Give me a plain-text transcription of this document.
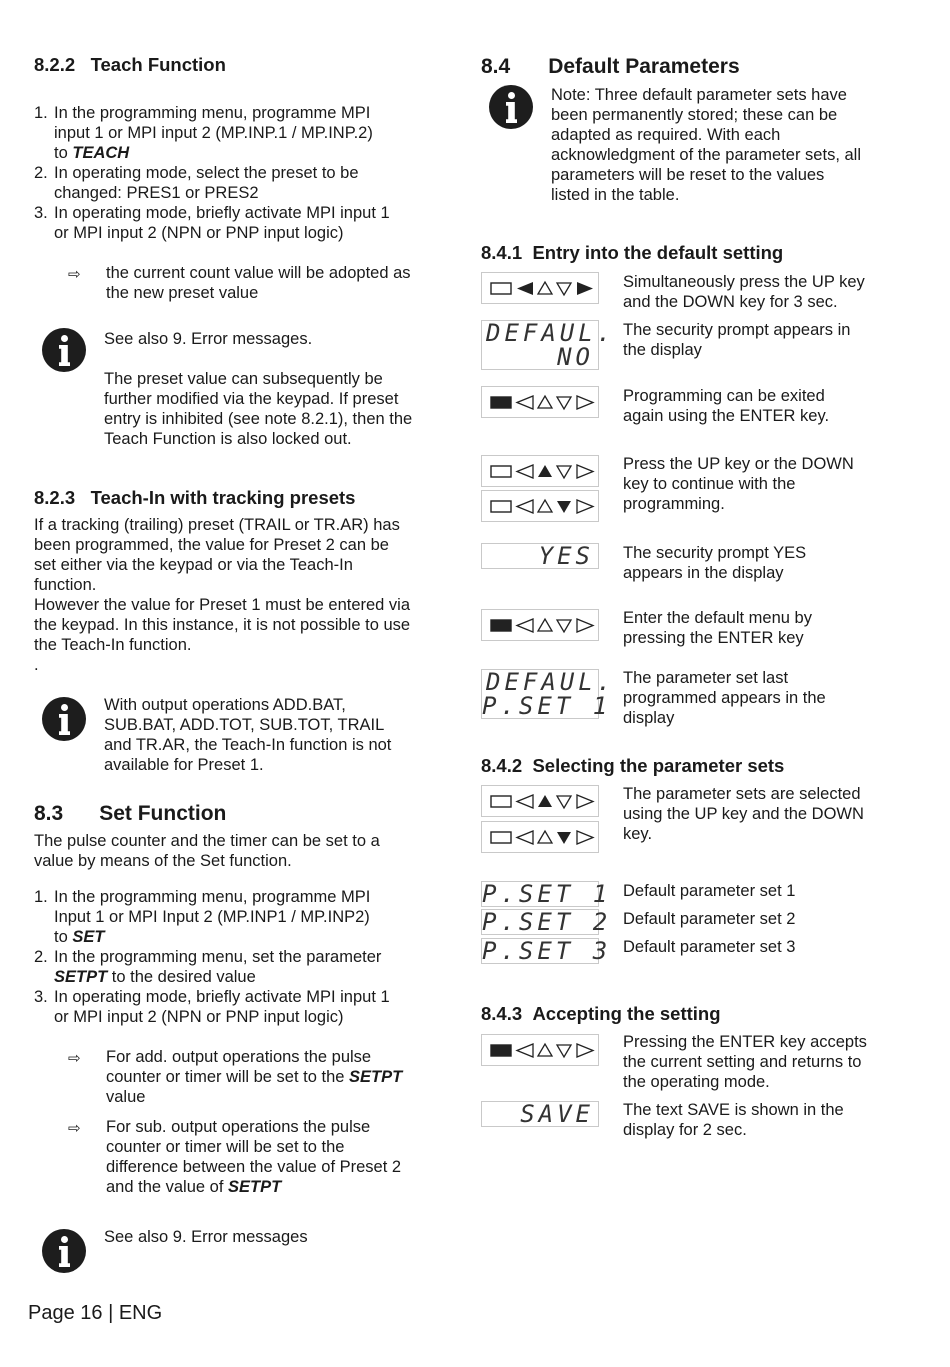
8.2.2 Teach Function
1. In the programming menu, programme MPI
input 1 or MPI input 2 (MP.INP.1 / MP.INP.2)
to TEACH
2. In operating mode, select the preset to be
changed: PRES1 or PRES2
3. In operating mode, briefly activate MPI input 1
or MPI input 2 (NPN or PNP input logic)
⇨ the current count value will be adopted as
the new preset value
See also 9. Error messages.
The preset value can subsequently be
further modified via the keypad. If preset
entry is inhibited (see note 8.2.1), then the
Teach Function is also locked out.
8.2.3 Teach-In with tracking presets
If a tracking (trailing) preset (TRAIL or TR.AR) has
been programmed, the value for Preset 2 can be
set either via the keypad or via the Teach-In
function.
However the value for Preset 1 must be entered via
the keypad. In this instance, it is not possible to use
the Teach-In function.
.
With output operations ADD.BAT,
SUB.BAT, ADD.TOT, SUB.TOT, TRAIL
and TR.AR, the Teach-In function is not
available for Preset 1.
8.3 Set Function
The pulse counter and the timer can be set to a
value by means of the Set function.
1. In the programming menu, programme MPI
Input 1 or MPI Input 2 (MP.INP1 / MP.INP2)
to SET
2. In the programming menu, set the parameter
SETPT to the desired value
3. In operating mode, briefly activate MPI input 1
or MPI input 2 (NPN or PNP input logic)
⇨ For add. output operations the pulse
counter or timer will be set to the SETPT
value
⇨ For sub. output operations the pulse
counter or timer will be set to the
difference between the value of Preset 2
and the value of SETPT
See also 9. Error messages
Page 16 | ENG
8.4 Default Parameters
Note: Three default parameter sets have
been permanently stored; these can be
adapted as required. With each
acknowledgment of the parameter sets, all
parameters will be reset to the values
listed in the table.
8.4.1 Entry into the default setting
Simultaneously press the UP key
and the DOWN key for 3 sec.
DEFAUL.
NO
The security prompt appears in
the display
Programming can be exited
again using the ENTER key.
Press the UP key or the DOWN
key to continue with the
programming.
YES The security prompt YES
appears in the display
Enter the default menu by
pressing the ENTER key
DEFAUL.
P.SET 1
The parameter set last
programmed appears in the
display
8.4.2 Selecting the parameter sets
The parameter sets are selected
using the UP key and the DOWN
key.
P.SET 1 Default parameter set 1
P.SET 2 Default parameter set 2
P.SET 3 Default parameter set 3
8.4.3 Accepting the setting
Pressing the ENTER key accepts
the current setting and returns to
the operating mode.
SAVE The text SAVE is shown in the
display for 2 sec.
